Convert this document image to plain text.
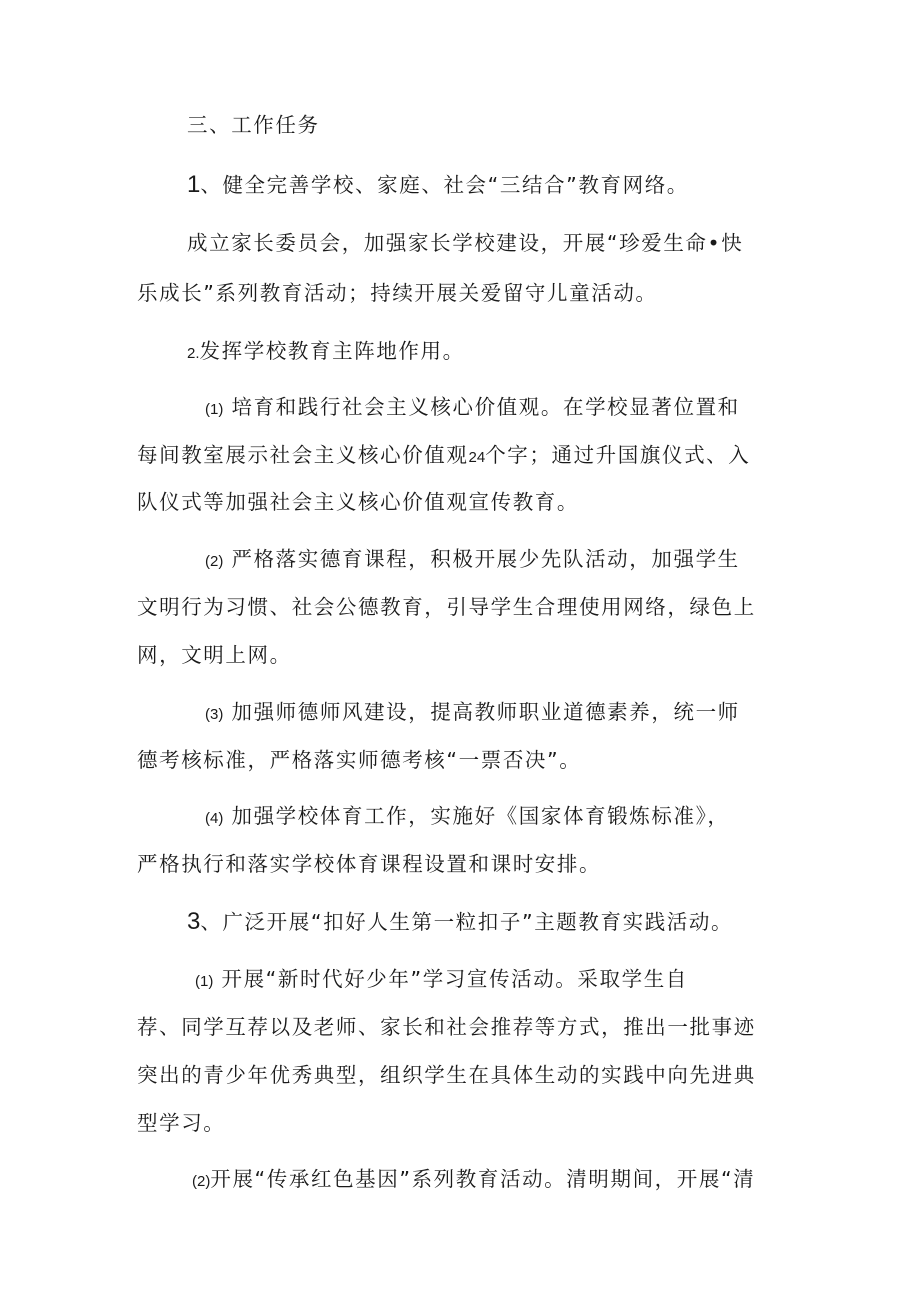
三、工作任务
1、健全完善学校、家庭、社会“三结合”教育网络。
成立家长委员会，加强家长学校建设，开展“珍爱生命•快
乐成长”系列教育活动；持续开展关爱留守儿童活动。
2.发挥学校教育主阵地作用。
(1) 培育和践行社会主义核心价值观。在学校显著位置和
每间教室展示社会主义核心价值观24个字；通过升国旗仪式、入
队仪式等加强社会主义核心价值观宣传教育。
(2) 严格落实德育课程，积极开展少先队活动，加强学生
文明行为习惯、社会公德教育，引导学生合理使用网络，绿色上
网，文明上网。
(3) 加强师德师风建设，提高教师职业道德素养，统一师
德考核标准，严格落实师德考核“一票否决”。
(4) 加强学校体育工作，实施好《国家体育锻炼标准》，
严格执行和落实学校体育课程设置和课时安排。
3、广泛开展“扣好人生第一粒扣子”主题教育实践活动。
(1) 开展“新时代好少年”学习宣传活动。采取学生自
荐、同学互荐以及老师、家长和社会推荐等方式，推出一批事迹
突出的青少年优秀典型，组织学生在具体生动的实践中向先进典
型学习。
(2)开展“传承红色基因”系列教育活动。清明期间，开展“清
